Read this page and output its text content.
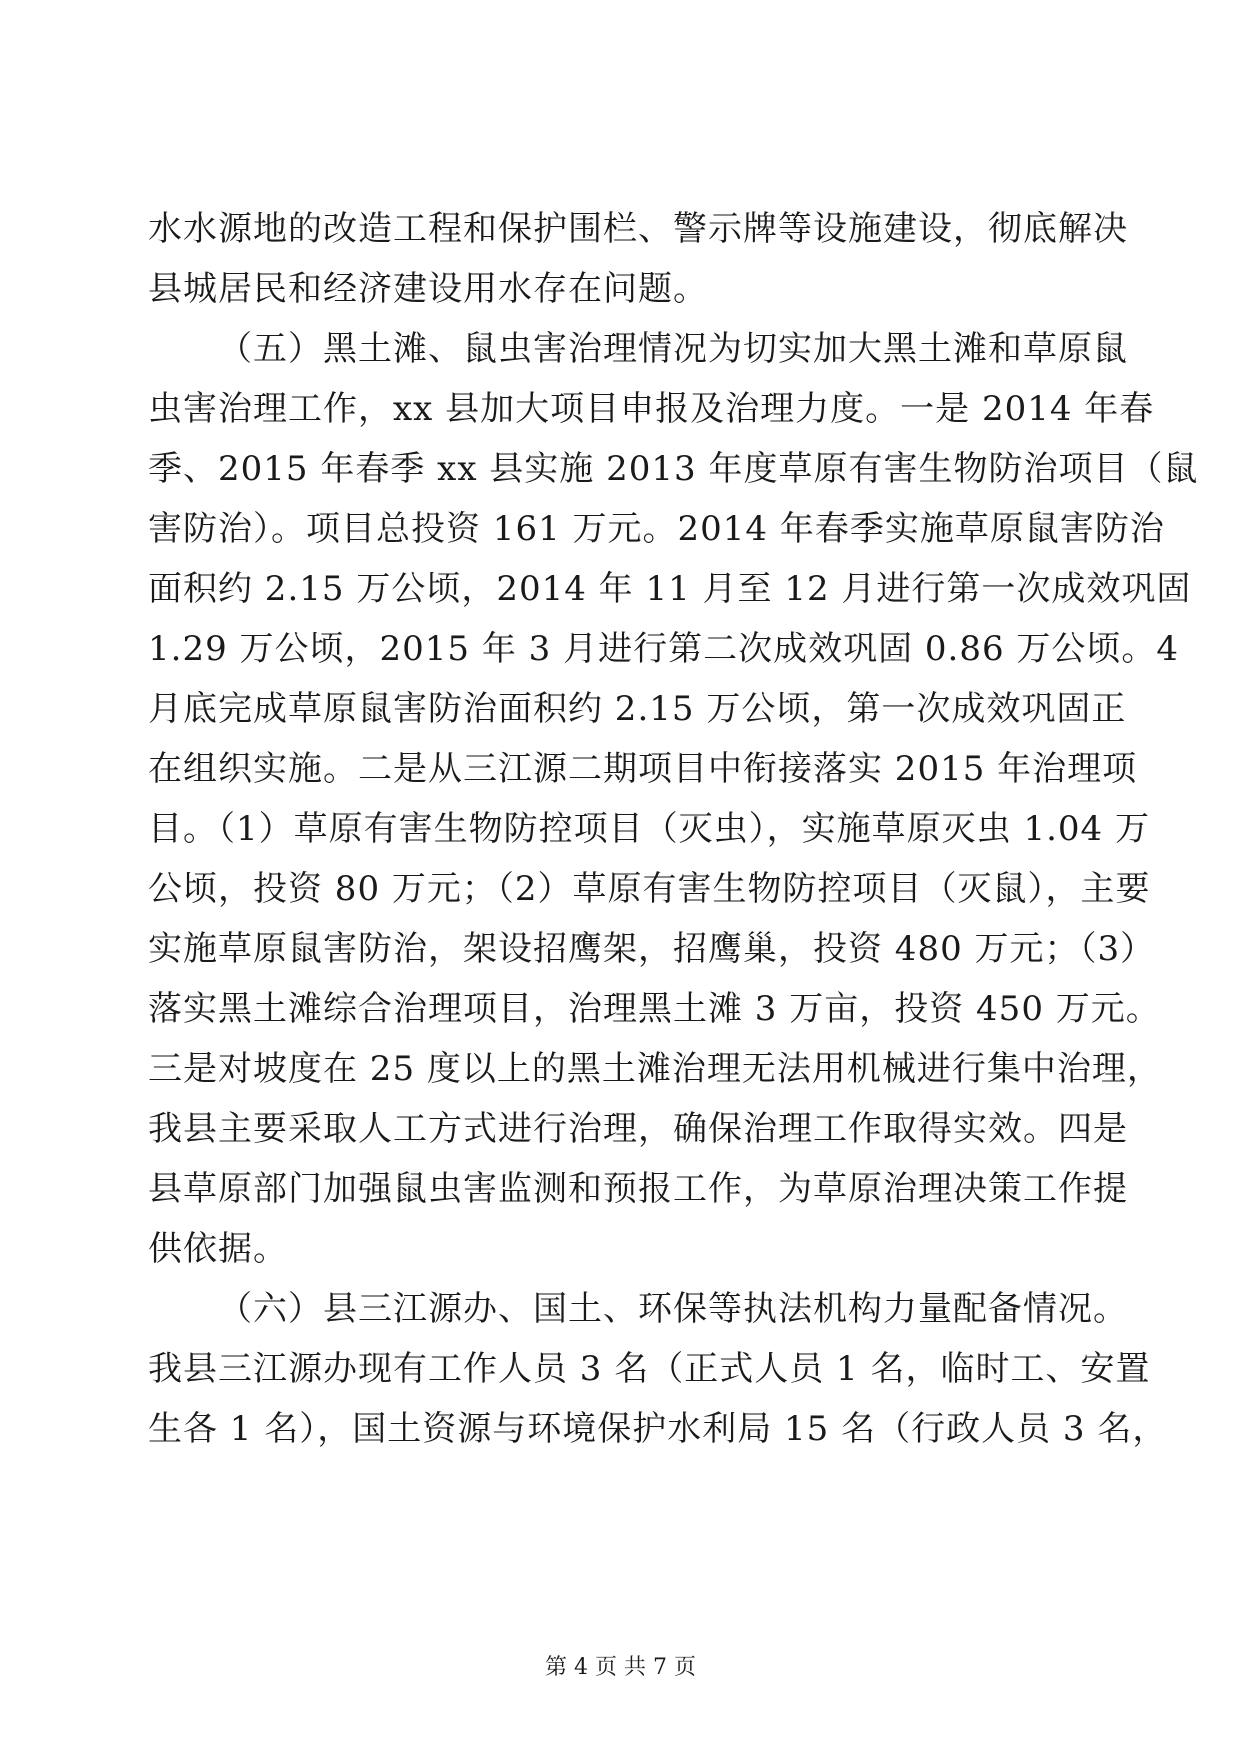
水水源地的改造工程和保护围栏、警示牌等设施建设，彻底解决
县城居民和经济建设用水存在问题。
（五）黑土滩、鼠虫害治理情况为切实加大黑土滩和草原鼠
虫害治理工作，xx 县加大项目申报及治理力度。一是 2014 年春
季、2015 年春季 xx 县实施 2013 年度草原有害生物防治项目（鼠
害防治）。项目总投资 161 万元。2014 年春季实施草原鼠害防治
面积约 2.15 万公顷，2014 年 11 月至 12 月进行第一次成效巩固
1.29 万公顷，2015 年 3 月进行第二次成效巩固 0.86 万公顷。4
月底完成草原鼠害防治面积约 2.15 万公顷，第一次成效巩固正
在组织实施。二是从三江源二期项目中衔接落实 2015 年治理项
目。（1）草原有害生物防控项目（灭虫），实施草原灭虫 1.04 万
公顷，投资 80 万元；（2）草原有害生物防控项目（灭鼠），主要
实施草原鼠害防治，架设招鹰架，招鹰巢，投资 480 万元；（3）
落实黑土滩综合治理项目，治理黑土滩 3 万亩，投资 450 万元。
三是对坡度在 25 度以上的黑土滩治理无法用机械进行集中治理，
我县主要采取人工方式进行治理，确保治理工作取得实效。四是
县草原部门加强鼠虫害监测和预报工作，为草原治理决策工作提
供依据。
（六）县三江源办、国土、环保等执法机构力量配备情况。
我县三江源办现有工作人员 3 名（正式人员 1 名，临时工、安置
生各 1 名），国土资源与环境保护水利局 15 名（行政人员 3 名，
第 4 页 共 7 页
